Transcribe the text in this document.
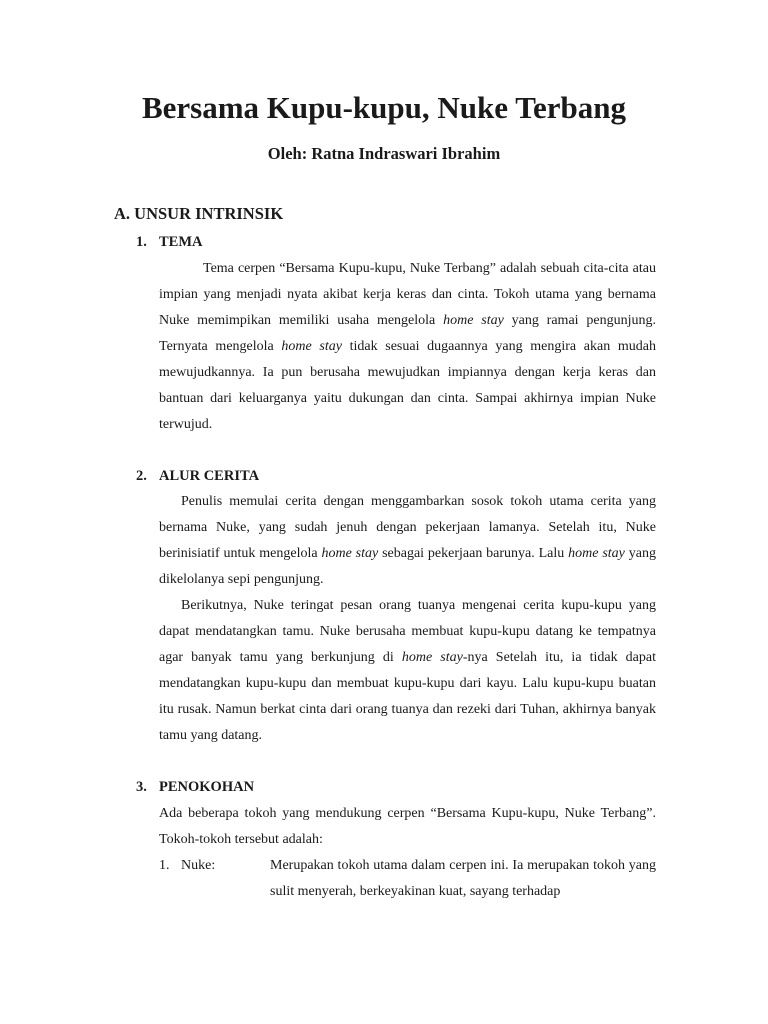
Bersama Kupu-kupu, Nuke Terbang
Oleh: Ratna Indraswari Ibrahim
A. UNSUR INTRINSIK
1. TEMA

Tema cerpen “Bersama Kupu-kupu, Nuke Terbang” adalah sebuah cita-cita atau impian yang menjadi nyata akibat kerja keras dan cinta. Tokoh utama yang bernama Nuke memimpikan memiliki usaha mengelola home stay yang ramai pengunjung. Ternyata mengelola home stay tidak sesuai dugaannya yang mengira akan mudah mewujudkannya. Ia pun berusaha mewujudkan impiannya dengan kerja keras dan bantuan dari keluarganya yaitu dukungan dan cinta. Sampai akhirnya impian Nuke terwujud.

2. ALUR CERITA

Penulis memulai cerita dengan menggambarkan sosok tokoh utama cerita yang bernama Nuke, yang sudah jenuh dengan pekerjaan lamanya. Setelah itu, Nuke berinisiatif untuk mengelola home stay sebagai pekerjaan barunya. Lalu home stay yang dikelolanya sepi pengunjung.

Berikutnya, Nuke teringat pesan orang tuanya mengenai cerita kupu-kupu yang dapat mendatangkan tamu. Nuke berusaha membuat kupu-kupu datang ke tempatnya agar banyak tamu yang berkunjung di home stay-nya Setelah itu, ia tidak dapat mendatangkan kupu-kupu dan membuat kupu-kupu dari kayu. Lalu kupu-kupu buatan itu rusak. Namun berkat cinta dari orang tuanya dan rezeki dari Tuhan, akhirnya banyak tamu yang datang.

3. PENOKOHAN

Ada beberapa tokoh yang mendukung cerpen “Bersama Kupu-kupu, Nuke Terbang”. Tokoh-tokoh tersebut adalah:

1. Nuke:	Merupakan tokoh utama dalam cerpen ini. Ia merupakan tokoh yang sulit menyerah, berkeyakinan kuat, sayang terhadap
